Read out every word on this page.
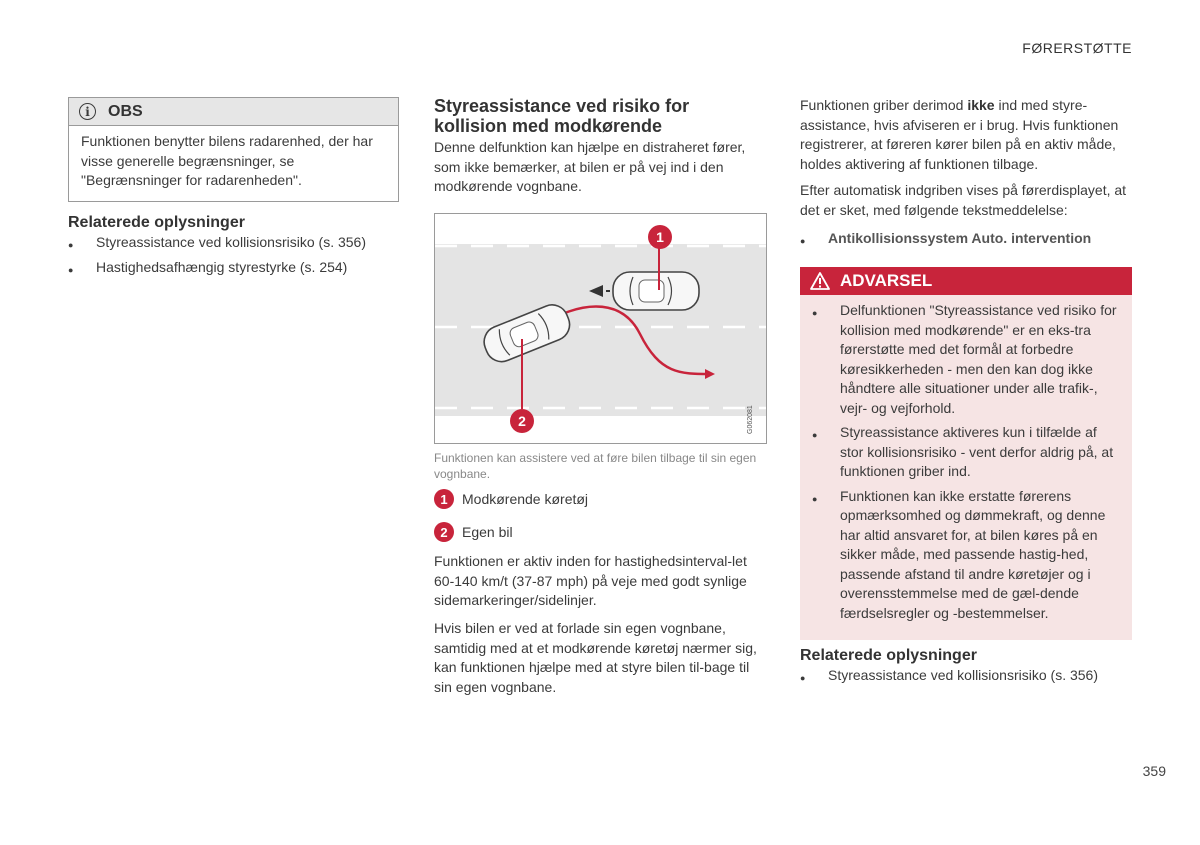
FØRERSTØTTE
i	OBS
Funktionen benytter bilens radarenhed, der har visse generelle begrænsninger, se "Begrænsninger for radarenheden".
Relaterede oplysninger
● Styreassistance ved kollisionsrisiko (s. 356)
● Hastighedsafhængig styrestyrke (s. 254)
Styreassistance ved risiko for
kollision med modkørende

Denne delfunktion kan hjælpe en distraheret fører, som ikke bemærker, at bilen er på vej ind i den modkørende vognbane.

1
2	G062081
Funktionen kan assistere ved at føre bilen tilbage til sin egen vognbane.
1	Modkørende køretøj
2	Egen bil

Funktionen er aktiv inden for hastighedsinterval-let 60-140 km/t (37-87 mph) på veje med godt synlige sidemarkeringer/sidelinjer.

Hvis bilen er ved at forlade sin egen vognbane, samtidig med at et modkørende køretøj nærmer sig, kan funktionen hjælpe med at styre bilen til-bage til sin egen vognbane.

Funktionen griber derimod ikke ind med styre-assistance, hvis afviseren er i brug. Hvis funktionen registrerer, at føreren kører bilen på en aktiv måde, holdes aktivering af funktionen tilbage.

Efter automatisk indgriben vises på førerdisplayet, at det er sket, med følgende tekstmeddelelse:

● Antikollisionssystem Auto. intervention
ADVARSEL
● Delfunktionen "Styreassistance ved risiko for kollision med modkørende" er en eks-tra førerstøtte med det formål at forbedre køresikkerheden - men den kan dog ikke håndtere alle situationer under alle trafik-, vejr- og vejforhold.
● Styreassistance aktiveres kun i tilfælde af stor kollisionsrisiko - vent derfor aldrig på, at funktionen griber ind.
● Funktionen kan ikke erstatte førerens opmærksomhed og dømmekraft, og denne har altid ansvaret for, at bilen køres på en sikker måde, med passende hastig-hed, passende afstand til andre køretøjer og i overensstemmelse med de gæl-dende færdselsregler og -bestemmelser.
Relaterede oplysninger
● Styreassistance ved kollisionsrisiko (s. 356)
359
